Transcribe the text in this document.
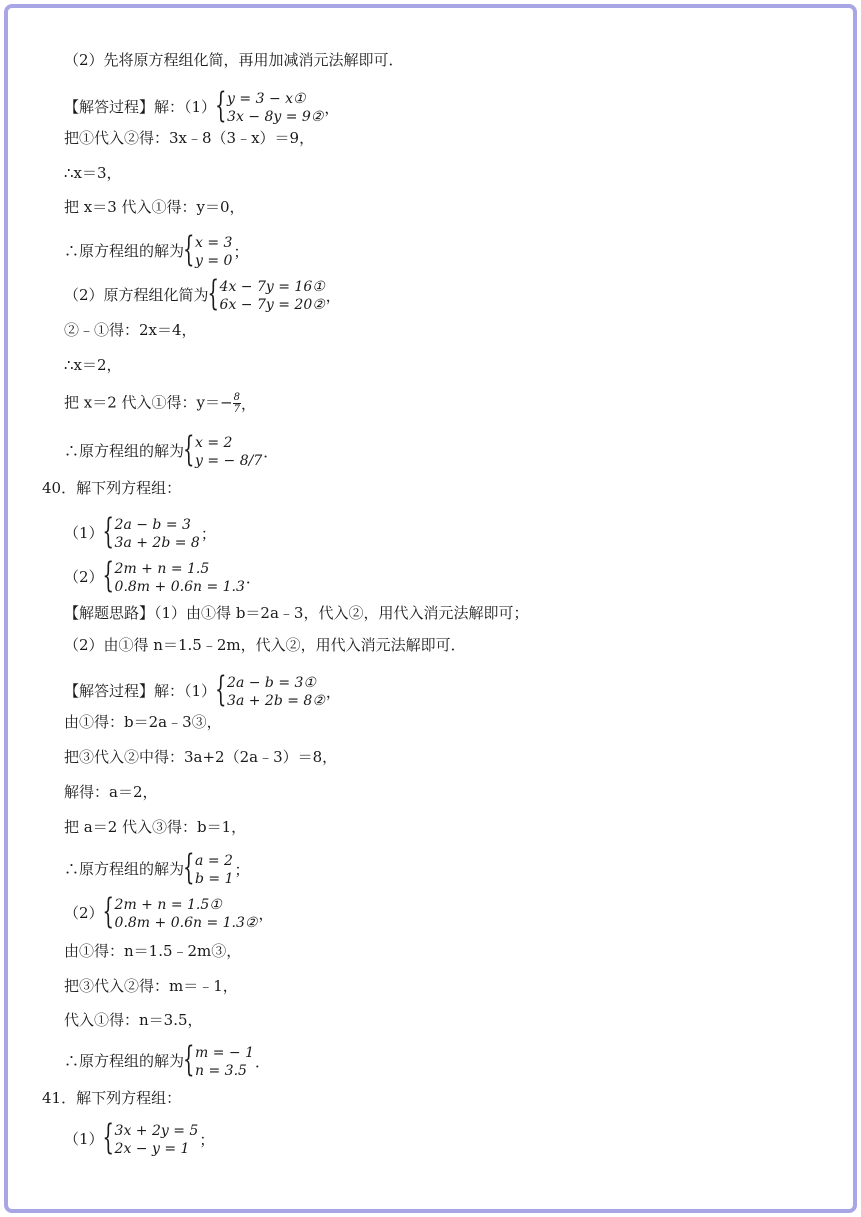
（2）先将原方程组化简，再用加减消元法解即可．
【解答过程】解：（1） { y = 3 − x①
3x − 8y = 9② ，
把①代入②得：3x﹣8（3﹣x）＝9，
∴x＝3，
把 x＝3 代入①得：y＝0，
∴原方程组的解为 { x = 3
y = 0 ；
（2）原方程组化简为 { 4x − 7y = 16①
6x − 7y = 20② ，
②﹣①得：2x＝4，
∴x＝2，
把 x＝2 代入①得：$y=- \frac{8}{7}$ ，
∴原方程组的解为 { x = 2
y = − 8/7 ．
40．解下列方程组：
（1） { 2a − b = 3
3a + 2b = 8 ；
（2） { 2m + n = 1.5
0.8m + 0.6n = 1.3 ．
【解题思路】（1）由①得 b＝2a﹣3，代入②，用代入消元法解即可；
（2）由①得 n＝1.5﹣2m，代入②，用代入消元法解即可．
【解答过程】解：（1） { 2a − b = 3①
3a + 2b = 8② ，
由①得：b＝2a﹣3③，
把③代入②中得：3a+2（2a﹣3）＝8，
解得：a＝2，
把 a＝2 代入③得：b＝1，
∴原方程组的解为 { a = 2
b = 1 ；
（2） { 2m + n = 1.5①
0.8m + 0.6n = 1.3② ，
由①得：n＝1.5﹣2m③，
把③代入②得：m＝﹣1，
代入①得：n＝3.5，
∴原方程组的解为 { m = − 1
n = 3.5 ．
41．解下列方程组：
（1） { 3x + 2y = 5
2x − y = 1 ；
